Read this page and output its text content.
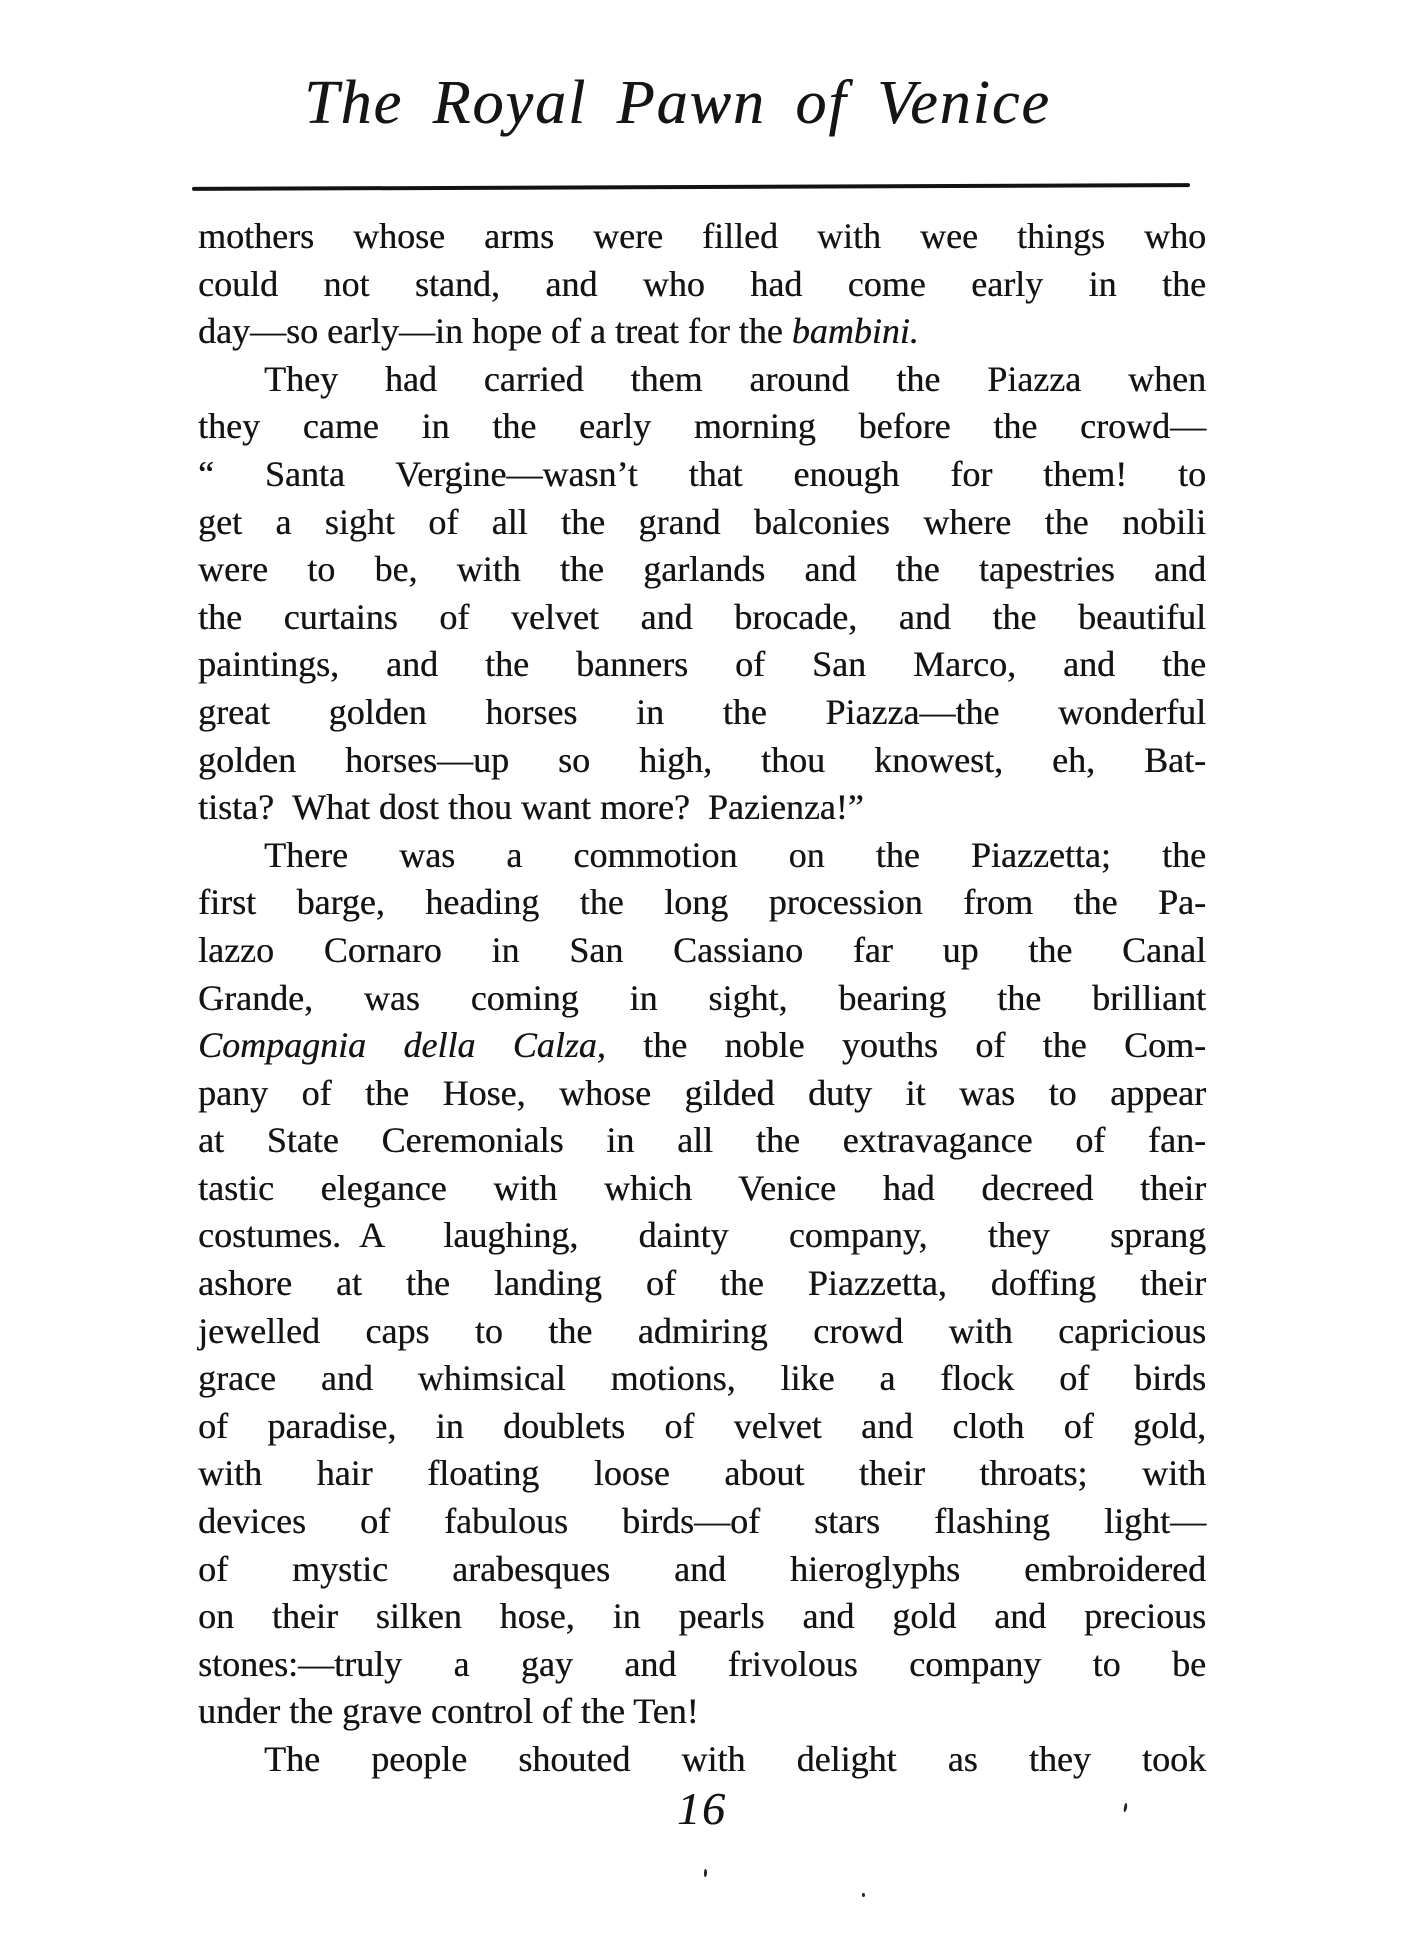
The Royal Pawn of Venice
mothers whose arms were filled with wee things who
could not stand, and who had come early in the
day—so early—in hope of a treat for the bambini.
They had carried them around the Piazza when
they came in the early morning before the crowd—
“ Santa Vergine—wasn’t that enough for them! to
get a sight of all the grand balconies where the nobili
were to be, with the garlands and the tapestries and
the curtains of velvet and brocade, and the beautiful
paintings, and the banners of San Marco, and the
great golden horses in the Piazza—the wonderful
golden horses—up so high, thou knowest, eh, Bat-
tista? What dost thou want more? Pazienza!”
There was a commotion on the Piazzetta; the
first barge, heading the long procession from the Pa-
lazzo Cornaro in San Cassiano far up the Canal
Grande, was coming in sight, bearing the brilliant
Compagnia della Calza, the noble youths of the Com-
pany of the Hose, whose gilded duty it was to appear
at State Ceremonials in all the extravagance of fan-
tastic elegance with which Venice had decreed their
costumes. A laughing, dainty company, they sprang
ashore at the landing of the Piazzetta, doffing their
jewelled caps to the admiring crowd with capricious
grace and whimsical motions, like a flock of birds
of paradise, in doublets of velvet and cloth of gold,
with hair floating loose about their throats; with
devices of fabulous birds—of stars flashing light—
of mystic arabesques and hieroglyphs embroidered
on their silken hose, in pearls and gold and precious
stones:—truly a gay and frivolous company to be
under the grave control of the Ten!
The people shouted with delight as they took
16
